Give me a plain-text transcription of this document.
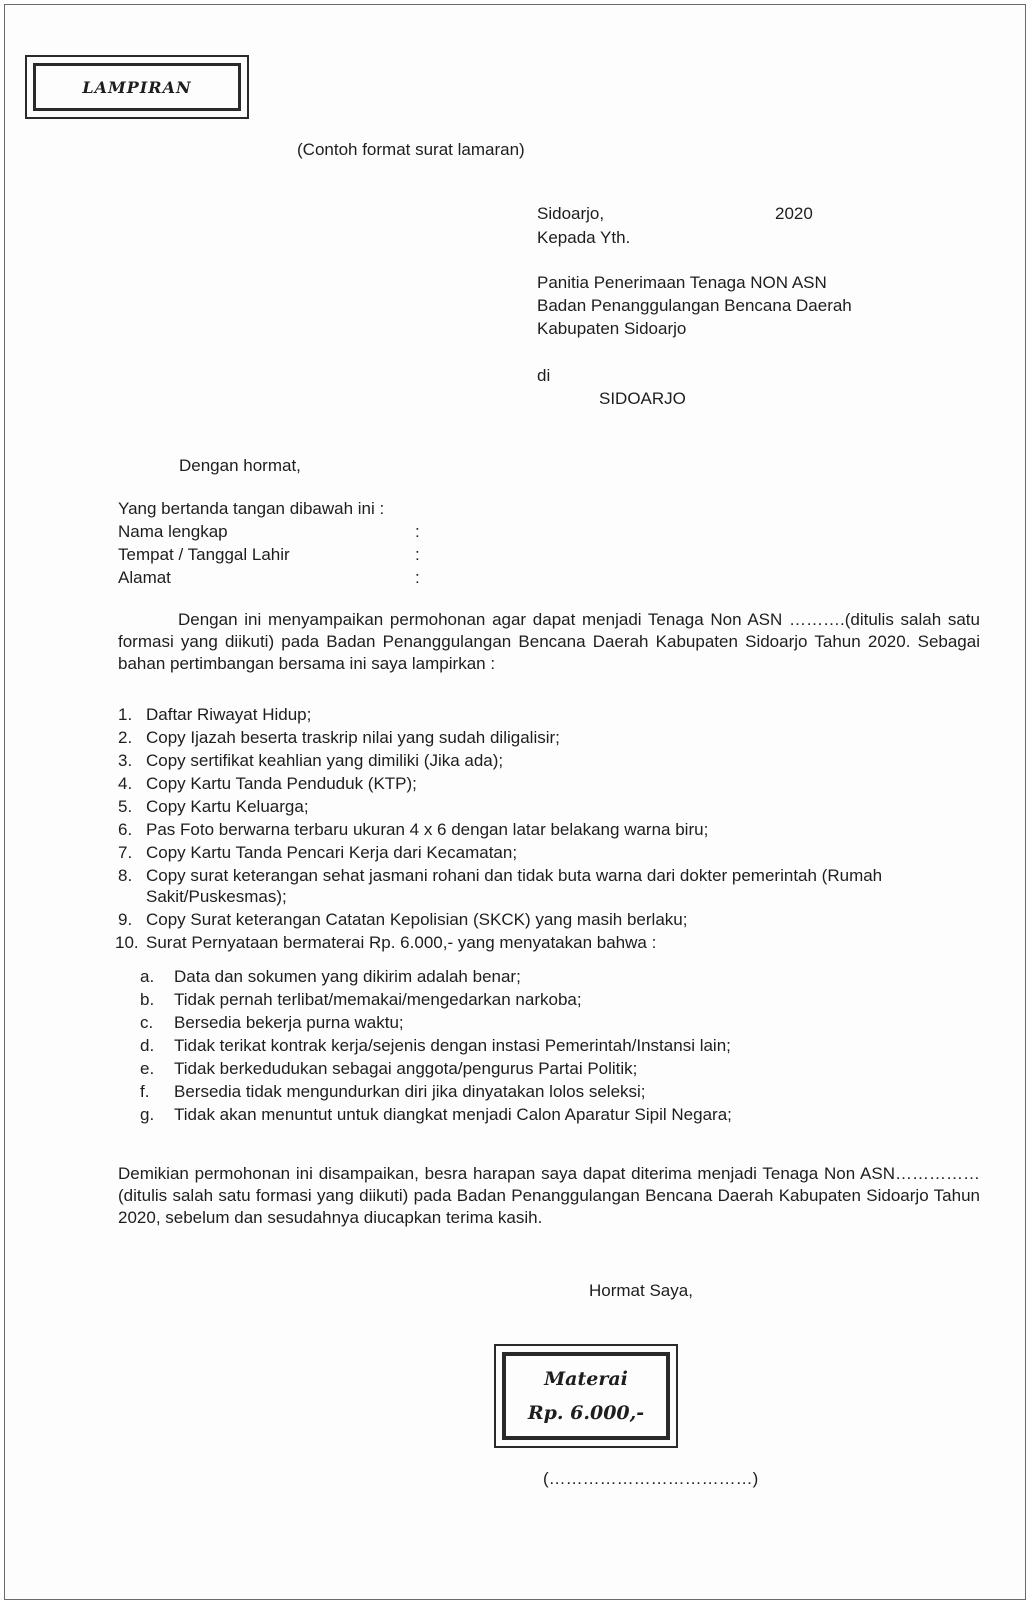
LAMPIRAN
(Contoh format surat lamaran)
Sidoarjo,	2020
Kepada Yth.
Panitia Penerimaan Tenaga NON ASN
Badan Penanggulangan Bencana Daerah
Kabupaten Sidoarjo
di
SIDOARJO
Dengan hormat,
Yang bertanda tangan dibawah ini :
Nama lengkap	:
Tempat / Tanggal Lahir	:
Alamat	:
Dengan ini menyampaikan permohonan agar dapat menjadi Tenaga Non ASN ……….(ditulis salah satu formasi yang diikuti) pada Badan Penanggulangan Bencana Daerah Kabupaten Sidoarjo Tahun 2020. Sebagai bahan pertimbangan bersama ini saya lampirkan :
1. Daftar Riwayat Hidup;
2. Copy Ijazah beserta traskrip nilai yang sudah diligalisir;
3. Copy sertifikat keahlian yang dimiliki (Jika ada);
4. Copy Kartu Tanda Penduduk (KTP);
5. Copy Kartu Keluarga;
6. Pas Foto berwarna terbaru ukuran 4 x 6 dengan latar belakang warna biru;
7. Copy Kartu Tanda Pencari Kerja dari Kecamatan;
8. Copy surat keterangan sehat jasmani rohani dan tidak buta warna dari dokter pemerintah (Rumah Sakit/Puskesmas);
9. Copy Surat keterangan Catatan Kepolisian (SKCK) yang masih berlaku;
10. Surat Pernyataan bermaterai Rp. 6.000,- yang menyatakan bahwa :
a. Data dan sokumen yang dikirim adalah benar;
b. Tidak pernah terlibat/memakai/mengedarkan narkoba;
c. Bersedia bekerja purna waktu;
d. Tidak terikat kontrak kerja/sejenis dengan instasi Pemerintah/Instansi lain;
e. Tidak berkedudukan sebagai anggota/pengurus Partai Politik;
f. Bersedia tidak mengundurkan diri jika dinyatakan lolos seleksi;
g. Tidak akan menuntut untuk diangkat menjadi Calon Aparatur Sipil Negara;
Demikian permohonan ini disampaikan, besra harapan saya dapat diterima menjadi Tenaga Non ASN……………(ditulis salah satu formasi yang diikuti) pada Badan Penanggulangan Bencana Daerah Kabupaten Sidoarjo Tahun 2020, sebelum dan sesudahnya diucapkan terima kasih.
Hormat Saya,
Materai
Rp. 6.000,-
(………………………………)
